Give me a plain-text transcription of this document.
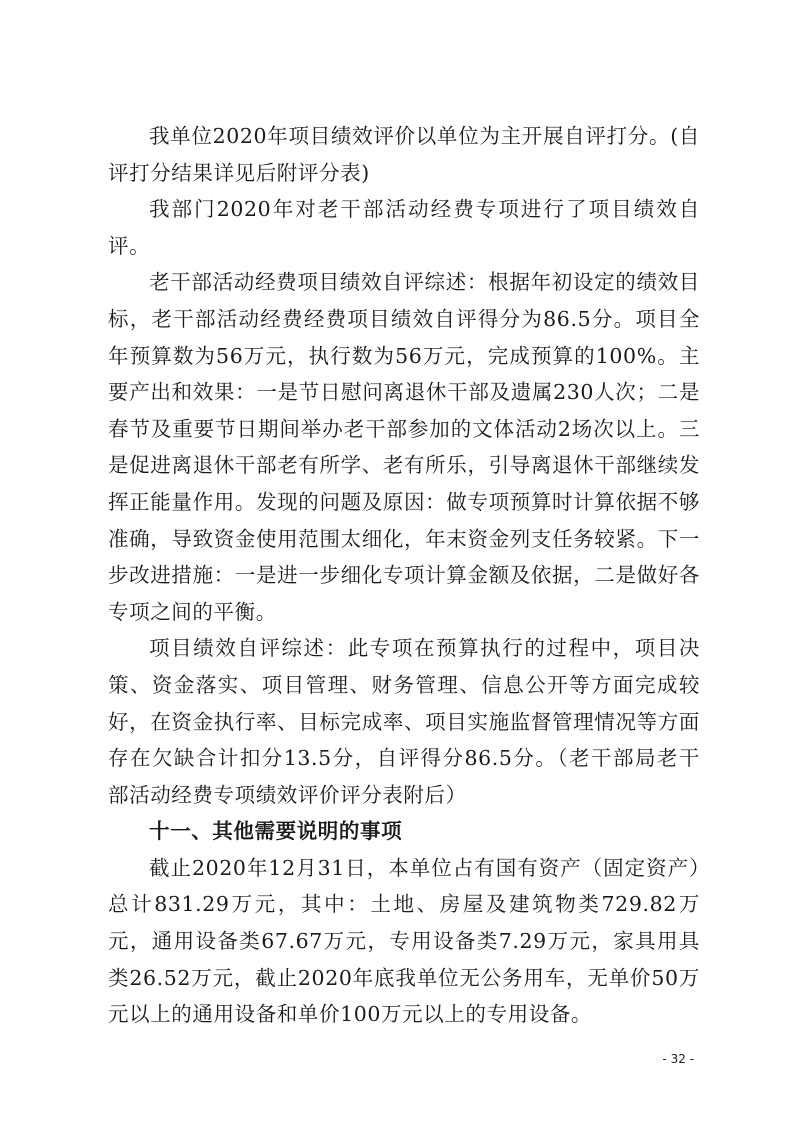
我单位2020年项目绩效评价以单位为主开展自评打分。(自评打分结果详见后附评分表)

我部门2020年对老干部活动经费专项进行了项目绩效自评。

老干部活动经费项目绩效自评综述：根据年初设定的绩效目标，老干部活动经费经费项目绩效自评得分为86.5分。项目全年预算数为56万元，执行数为56万元，完成预算的100%。主要产出和效果：一是节日慰问离退休干部及遗属230人次；二是春节及重要节日期间举办老干部参加的文体活动2场次以上。三是促进离退休干部老有所学、老有所乐，引导离退休干部继续发挥正能量作用。发现的问题及原因：做专项预算时计算依据不够准确，导致资金使用范围太细化，年末资金列支任务较紧。下一步改进措施：一是进一步细化专项计算金额及依据，二是做好各专项之间的平衡。

项目绩效自评综述：此专项在预算执行的过程中，项目决策、资金落实、项目管理、财务管理、信息公开等方面完成较好，在资金执行率、目标完成率、项目实施监督管理情况等方面存在欠缺合计扣分13.5分，自评得分86.5分。（老干部局老干部活动经费专项绩效评价评分表附后）

十一、其他需要说明的事项

截止2020年12月31日，本单位占有国有资产（固定资产）总计831.29万元，其中：土地、房屋及建筑物类729.82万元，通用设备类67.67万元，专用设备类7.29万元，家具用具类26.52万元，截止2020年底我单位无公务用车，无单价50万元以上的通用设备和单价100万元以上的专用设备。

- 32 -
